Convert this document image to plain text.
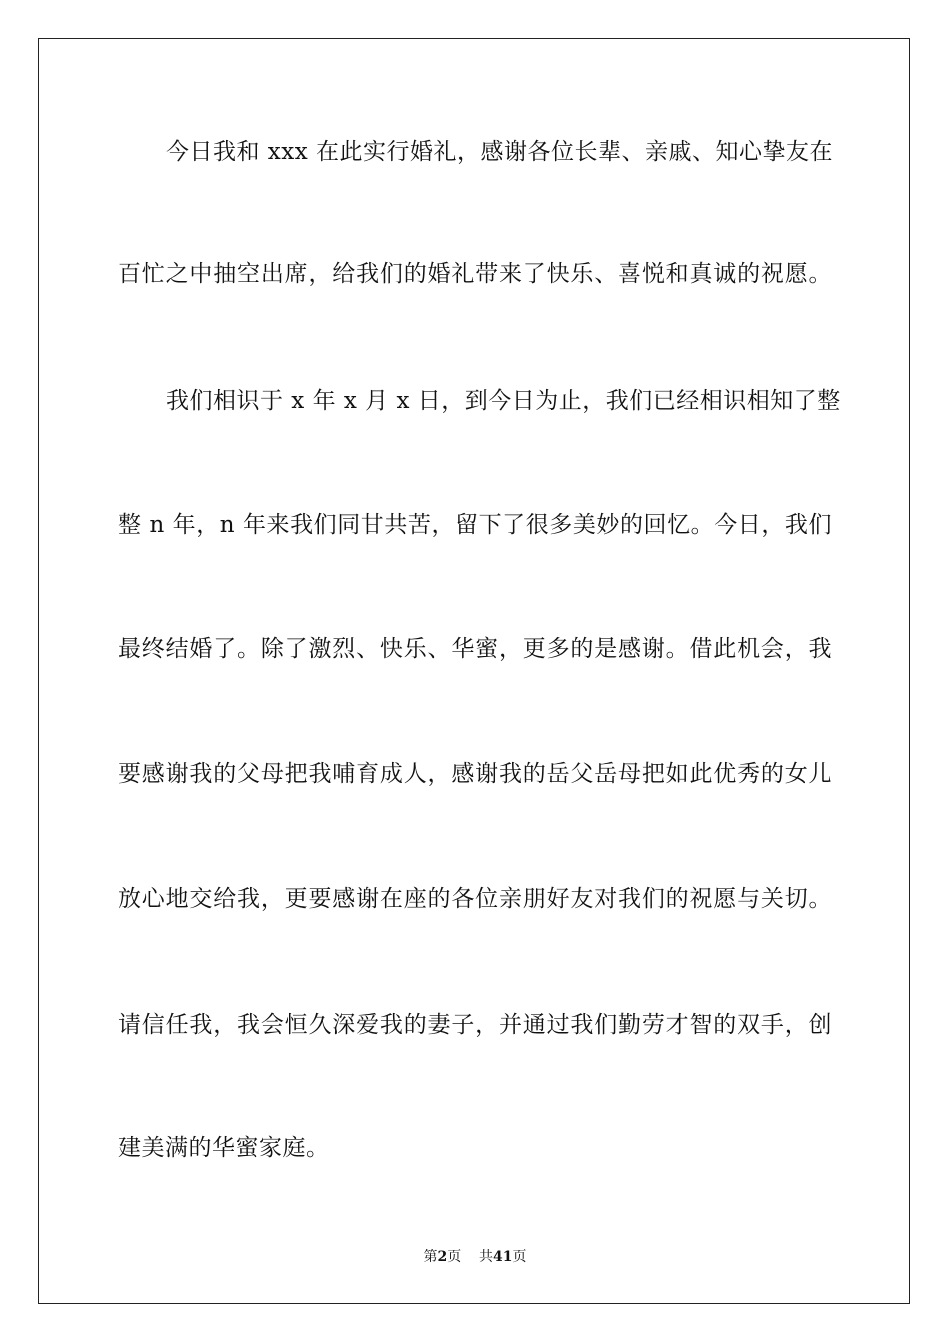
今日我和 xxx 在此实行婚礼，感谢各位长辈、亲戚、知心挚友在
百忙之中抽空出席，给我们的婚礼带来了快乐、喜悦和真诚的祝愿。
我们相识于 x 年 x 月 x 日，到今日为止，我们已经相识相知了整
整 n 年，n 年来我们同甘共苦，留下了很多美妙的回忆。今日，我们
最终结婚了。除了激烈、快乐、华蜜，更多的是感谢。借此机会，我
要感谢我的父母把我哺育成人，感谢我的岳父岳母把如此优秀的女儿
放心地交给我，更要感谢在座的各位亲朋好友对我们的祝愿与关切。
请信任我，我会恒久深爱我的妻子，并通过我们勤劳才智的双手，创
建美满的华蜜家庭。
第2页 共41页
